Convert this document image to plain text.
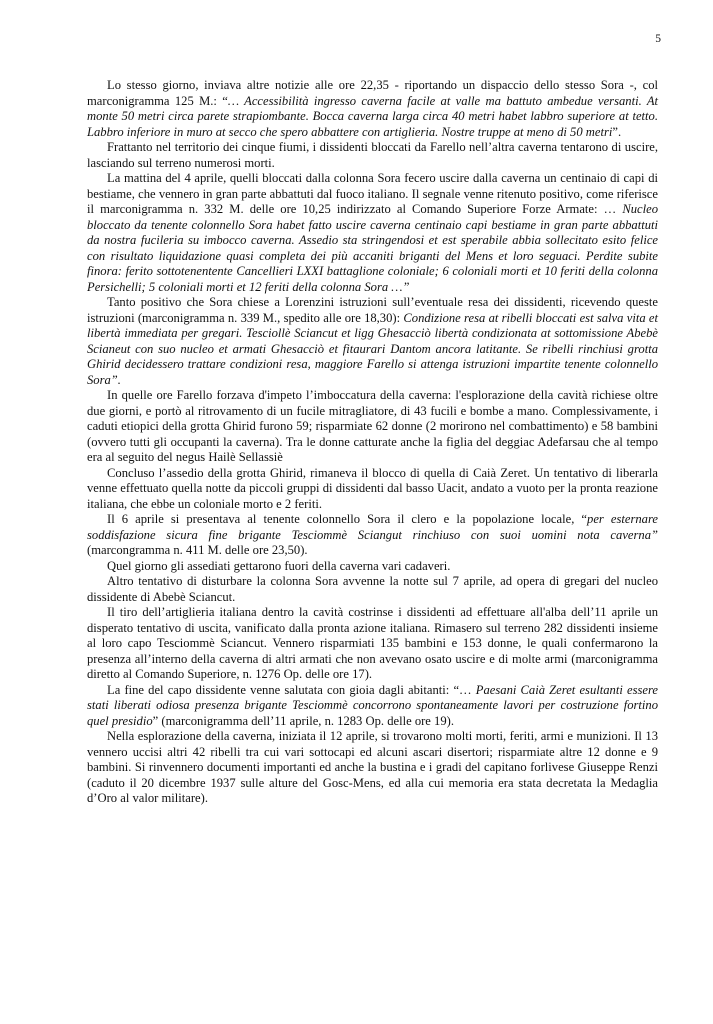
5

Lo stesso giorno, inviava altre notizie alle ore 22,35 - riportando un dispaccio dello stesso Sora -, col marconigramma 125 M.: “… Accessibilità ingresso caverna facile at valle ma battuto ambedue versanti. At monte 50 metri circa parete strapiombante. Bocca caverna larga circa 40 metri habet labbro superiore at tetto. Labbro inferiore in muro at secco che spero abbattere con artiglieria. Nostre truppe at meno di 50 metri”.

Frattanto nel territorio dei cinque fiumi, i dissidenti bloccati da Farello nell’altra caverna tentarono di uscire, lasciando sul terreno numerosi morti.

La mattina del 4 aprile, quelli bloccati dalla colonna Sora fecero uscire dalla caverna un centinaio di capi di bestiame, che vennero in gran parte abbattuti dal fuoco italiano. Il segnale venne ritenuto positivo, come riferisce il marconigramma n. 332 M. delle ore 10,25 indirizzato al Comando Superiore Forze Armate: … Nucleo bloccato da tenente colonnello Sora habet fatto uscire caverna centinaio capi bestiame in gran parte abbattuti da nostra fucileria su imbocco caverna. Assedio sta stringendosi et est sperabile abbia sollecitato esito felice con risultato liquidazione quasi completa dei più accaniti briganti del Mens et loro seguaci. Perdite subite finora: ferito sottotenentente Cancellieri LXXI battaglione coloniale; 6 coloniali morti et 10 feriti della colonna Persichelli; 5 coloniali morti et 12 feriti della colonna Sora …”

Tanto positivo che Sora chiese a Lorenzini istruzioni sull’eventuale resa dei dissidenti, ricevendo queste istruzioni (marconigramma n. 339 M., spedito alle ore 18,30): Condizione resa at ribelli bloccati est salva vita et libertà immediata per gregari. Tesciollè Sciancut et ligg Ghesacciò libertà condizionata at sottomissione Abebè Scianeut con suo nucleo et armati Ghesacciò et fitaurari Dantom ancora latitante. Se ribelli rinchiusi grotta Ghirid decidessero trattare condizioni resa, maggiore Farello si attenga istruzioni impartite tenente colonnello Sora”.

In quelle ore Farello forzava d'impeto l’imboccatura della caverna: l'esplorazione della cavità richiese oltre due giorni, e portò al ritrovamento di un fucile mitragliatore, di 43 fucili e bombe a mano. Complessivamente, i caduti etiopici della grotta Ghirid furono 59; risparmiate 62 donne (2 morirono nel combattimento) e 58 bambini (ovvero tutti gli occupanti la caverna). Tra le donne catturate anche la figlia del deggiac Adefarsau che al tempo era al seguito del negus Hailè Sellassiè

Concluso l’assedio della grotta Ghirid, rimaneva il blocco di quella di Caià Zeret. Un tentativo di liberarla venne effettuato quella notte da piccoli gruppi di dissidenti dal basso Uacit, andato a vuoto per la pronta reazione italiana, che ebbe un coloniale morto e 2 feriti.

Il 6 aprile si presentava al tenente colonnello Sora il clero e la popolazione locale, “per esternare soddisfazione sicura fine brigante Tesciommè Sciangut rinchiuso con suoi uomini nota caverna” (marcongramma n. 411 M. delle ore 23,50).

Quel giorno gli assediati gettarono fuori della caverna vari cadaveri.

Altro tentativo di disturbare la colonna Sora avvenne la notte sul 7 aprile, ad opera di gregari del nucleo dissidente di Abebè Sciancut.

Il tiro dell’artiglieria italiana dentro la cavità costrinse i dissidenti ad effettuare all'alba dell’11 aprile un disperato tentativo di uscita, vanificato dalla pronta azione italiana. Rimasero sul terreno 282 dissidenti insieme al loro capo Tesciommè Sciancut. Vennero risparmiati 135 bambini e 153 donne, le quali confermarono la presenza all’interno della caverna di altri armati che non avevano osato uscire e di molte armi (marconigramma diretto al Comando Superiore, n. 1276 Op. delle ore 17).

La fine del capo dissidente venne salutata con gioia dagli abitanti: “… Paesani Caià Zeret esultanti essere stati liberati odiosa presenza brigante Tesciommè concorrono spontaneamente lavori per costruzione fortino quel presidio” (marconigramma dell’11 aprile, n. 1283 Op. delle ore 19).

Nella esplorazione della caverna, iniziata il 12 aprile, si trovarono molti morti, feriti, armi e munizioni. Il 13 vennero uccisi altri 42 ribelli tra cui vari sottocapi ed alcuni ascari disertori; risparmiate altre 12 donne e 9 bambini. Si rinvennero documenti importanti ed anche la bustina e i gradi del capitano forlivese Giuseppe Renzi (caduto il 20 dicembre 1937 sulle alture del Gosc-Mens, ed alla cui memoria era stata decretata la Medaglia d’Oro al valor militare).
